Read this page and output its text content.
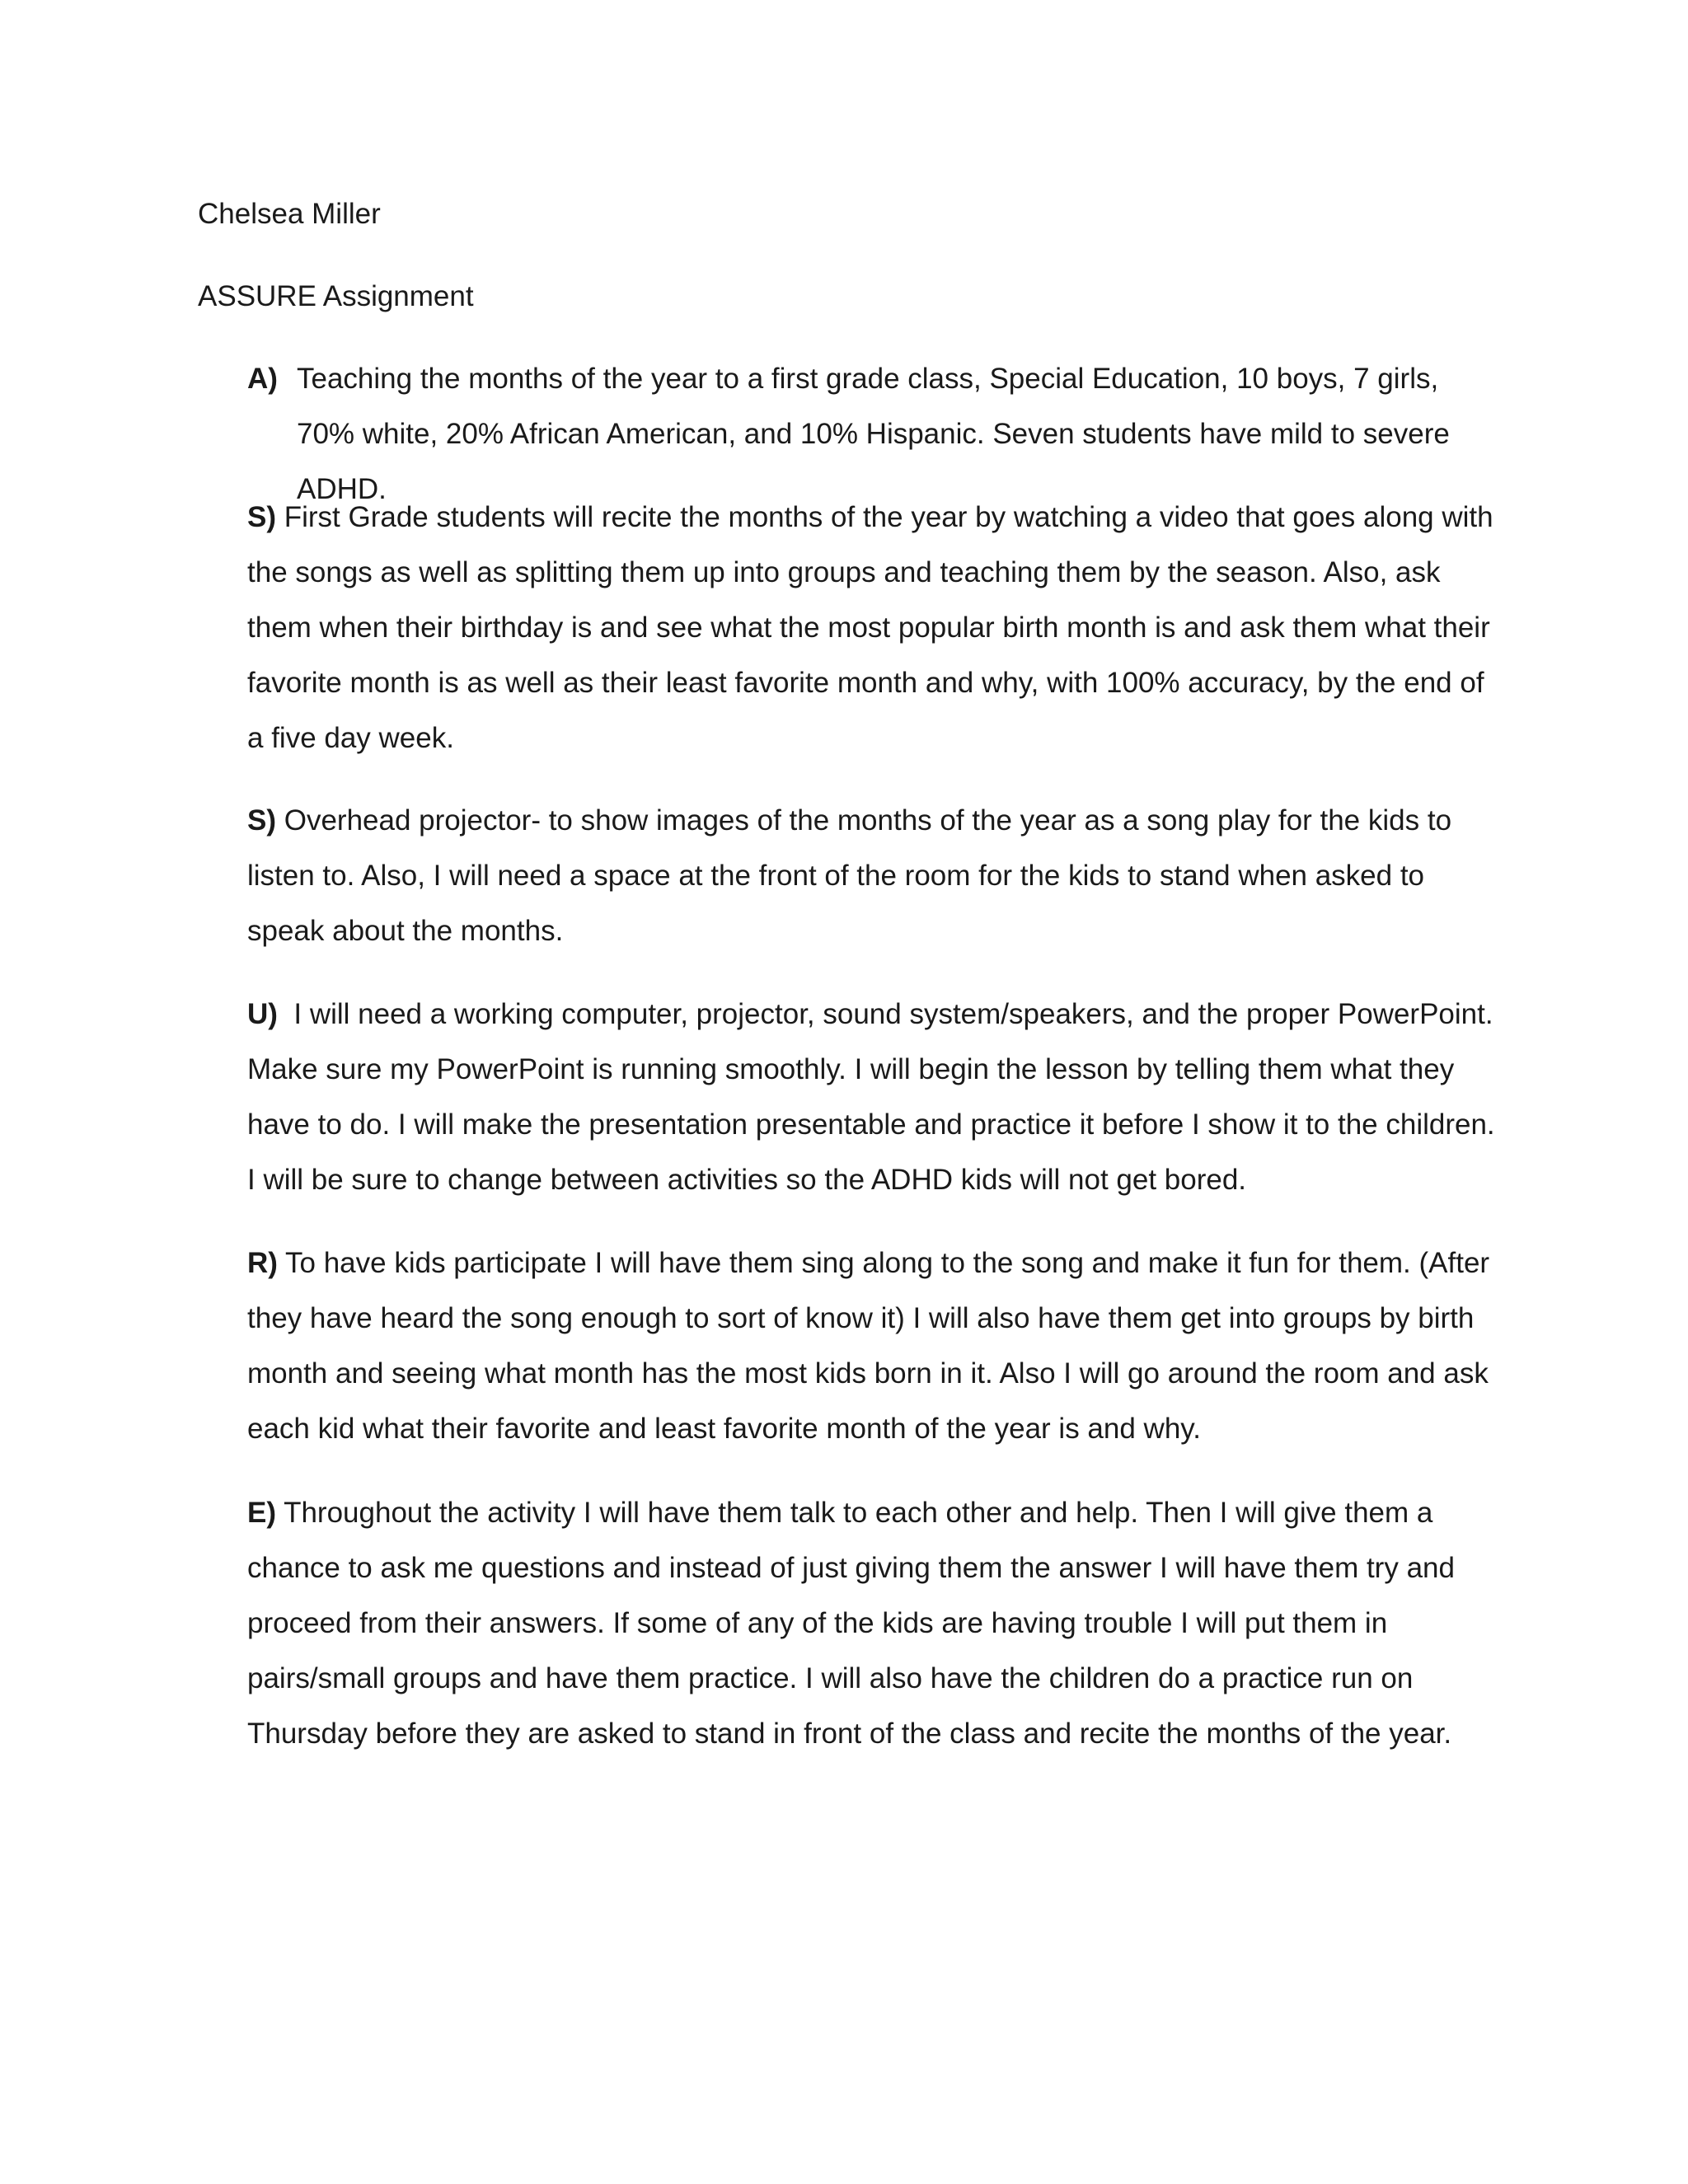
Chelsea Miller
ASSURE Assignment
A) Teaching the months of the year to a first grade class, Special Education, 10 boys, 7 girls, 70% white, 20% African American, and 10% Hispanic. Seven students have mild to severe ADHD.
S) First Grade students will recite the months of the year by watching a video that goes along with the songs as well as splitting them up into groups and teaching them by the season. Also, ask them when their birthday is and see what the most popular birth month is and ask them what their favorite month is as well as their least favorite month and why, with 100% accuracy, by the end of a five day week.
S) Overhead projector- to show images of the months of the year as a song play for the kids to listen to. Also, I will need a space at the front of the room for the kids to stand when asked to speak about the months.
U)  I will need a working computer, projector, sound system/speakers, and the proper PowerPoint. Make sure my PowerPoint is running smoothly. I will begin the lesson by telling them what they have to do. I will make the presentation presentable and practice it before I show it to the children. I will be sure to change between activities so the ADHD kids will not get bored.
R) To have kids participate I will have them sing along to the song and make it fun for them. (After they have heard the song enough to sort of know it) I will also have them get into groups by birth month and seeing what month has the most kids born in it. Also I will go around the room and ask each kid what their favorite and least favorite month of the year is and why.
E) Throughout the activity I will have them talk to each other and help. Then I will give them a chance to ask me questions and instead of just giving them the answer I will have them try and proceed from their answers. If some of any of the kids are having trouble I will put them in pairs/small groups and have them practice. I will also have the children do a practice run on Thursday before they are asked to stand in front of the class and recite the months of the year.
